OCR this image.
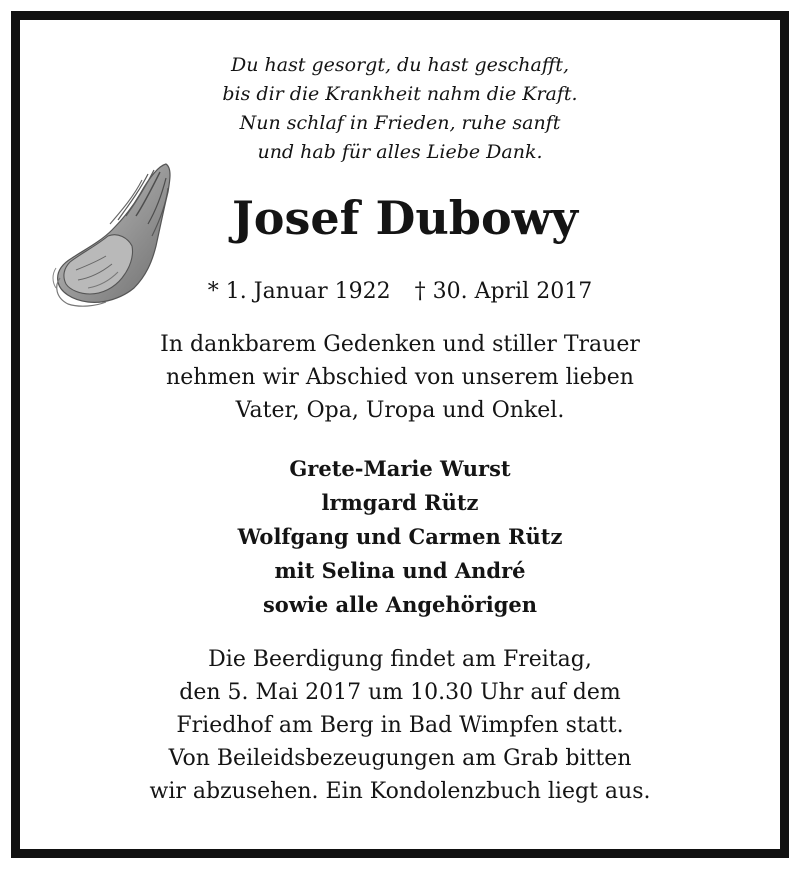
Du hast gesorgt, du hast geschafft,
bis dir die Krankheit nahm die Kraft.
Nun schlaf in Frieden, ruhe sanft
und hab für alles Liebe Dank.
Josef Dubowy
* 1. Januar 1922 † 30. April 2017
In dankbarem Gedenken und stiller Trauer
nehmen wir Abschied von unserem lieben
Vater, Opa, Uropa und Onkel.
Grete-Marie Wurst
lrmgard Rütz
Wolfgang und Carmen Rütz
mit Selina und André
sowie alle Angehörigen
Die Beerdigung findet am Freitag,
den 5. Mai 2017 um 10.30 Uhr auf dem
Friedhof am Berg in Bad Wimpfen statt.
Von Beileidsbezeugungen am Grab bitten
wir abzusehen. Ein Kondolenzbuch liegt aus.
